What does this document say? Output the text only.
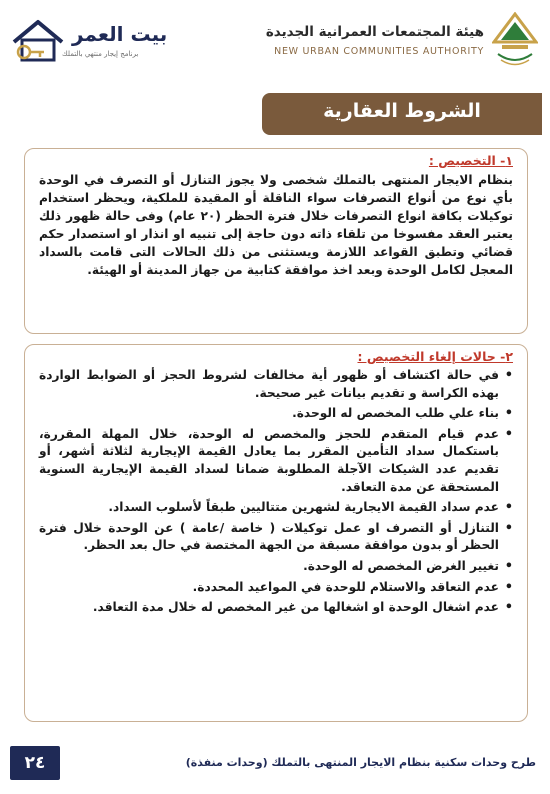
هيئة المجتمعات العمرانية الجديدة
NEW URBAN COMMUNITIES AUTHORITY
بيت العمر
برنامج إيجار منتهي بالتملك
الشروط العقارية
١- التخصيص :
بنظام الايجار المنتهى بالتملك شخصى ولا يجوز التنازل أو التصرف في الوحدة بأي نوع من أنواع التصرفات سواء الناقلة أو المقيدة للملكية، ويحظر استخدام توكيلات بكافة انواع التصرفات خلال فترة الحظر (٢٠ عام) وفى حالة ظهور ذلك يعتبر العقد مفسوخا من تلقاء ذاته دون حاجة إلى تنبيه او انذار او استصدار حكم قضائي وتطبق القواعد اللازمة ويستثنى من ذلك الحالات التى قامت بالسداد المعجل لكامل الوحدة وبعد اخذ موافقة كتابية من جهاز المدينة أو الهيئة.
٢- حالات إلغاء التخصيص :
• في حالة اكتشاف أو ظهور أية مخالفات لشروط الحجز أو الضوابط الواردة بهذه الكراسة و تقديم بيانات غير صحيحة.
• بناء علي طلب المخصص له الوحدة.
• عدم قيام المتقدم للحجز والمخصص له الوحدة، خلال المهلة المقررة، باستكمال سداد التأمين المقرر بما يعادل القيمة الإيجارية لثلاثة أشهر، أو تقديم عدد الشيكات الآجلة المطلوبة ضمانا لسداد القيمة الإيجارية السنوية المستحقة عن مدة التعاقد.
• عدم سداد القيمة الايجارية لشهرين متتاليين طبقاً لأسلوب السداد.
• التنازل أو التصرف او عمل توكيلات ( خاصة /عامة ) عن الوحدة خلال فترة الحظر أو بدون موافقة مسبقة من الجهة المختصة في حال بعد الحظر.
• تغيير الغرض المخصص له الوحدة.
• عدم التعاقد والاستلام للوحدة في المواعيد المحددة.
• عدم اشغال الوحدة او اشغالها من غير المخصص له خلال مدة التعاقد.
٢٤	طرح وحدات سكنية بنظام الايجار المنتهى بالتملك (وحدات منفذة)
